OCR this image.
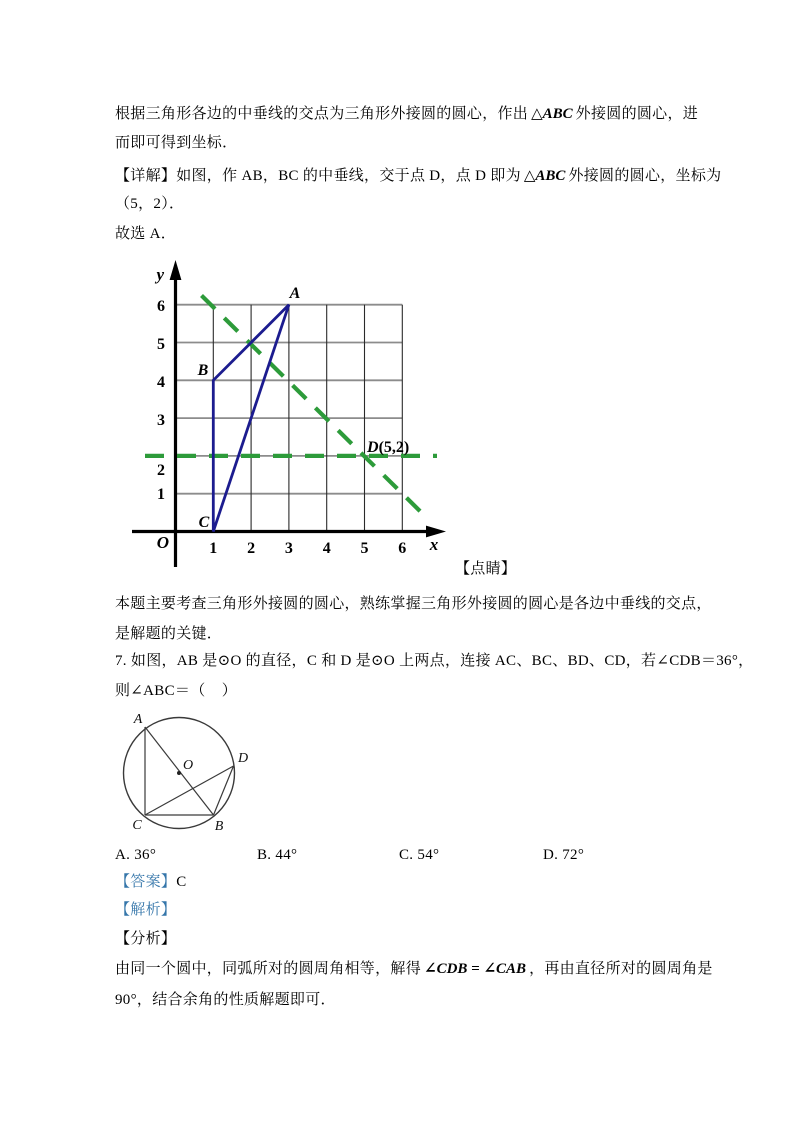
根据三角形各边的中垂线的交点为三角形外接圆的圆心，作出 △ABC 外接圆的圆心，进
而即可得到坐标．
【详解】如图，作 AB，BC 的中垂线，交于点 D，点 D 即为 △ABC 外接圆的圆心，坐标为
（5，2）．
故选 A．
y
x
O
6
5
4
3
2
1
1 2 3 4 5 6
A
B
C
D(5,2)
【点睛】
本题主要考查三角形外接圆的圆心，熟练掌握三角形外接圆的圆心是各边中垂线的交点，
是解题的关键．
7. 如图，AB 是⊙O 的直径，C 和 D 是⊙O 上两点，连接 AC、BC、BD、CD，若∠CDB＝36°，
则∠ABC＝（    ）
A
O	D
C	B
A. 36°	B. 44°	C. 54°	D. 72°
【答案】C
【解析】
【分析】
由同一个圆中，同弧所对的圆周角相等，解得 ∠CDB = ∠CAB ，再由直径所对的圆周角是
90°，结合余角的性质解题即可．
